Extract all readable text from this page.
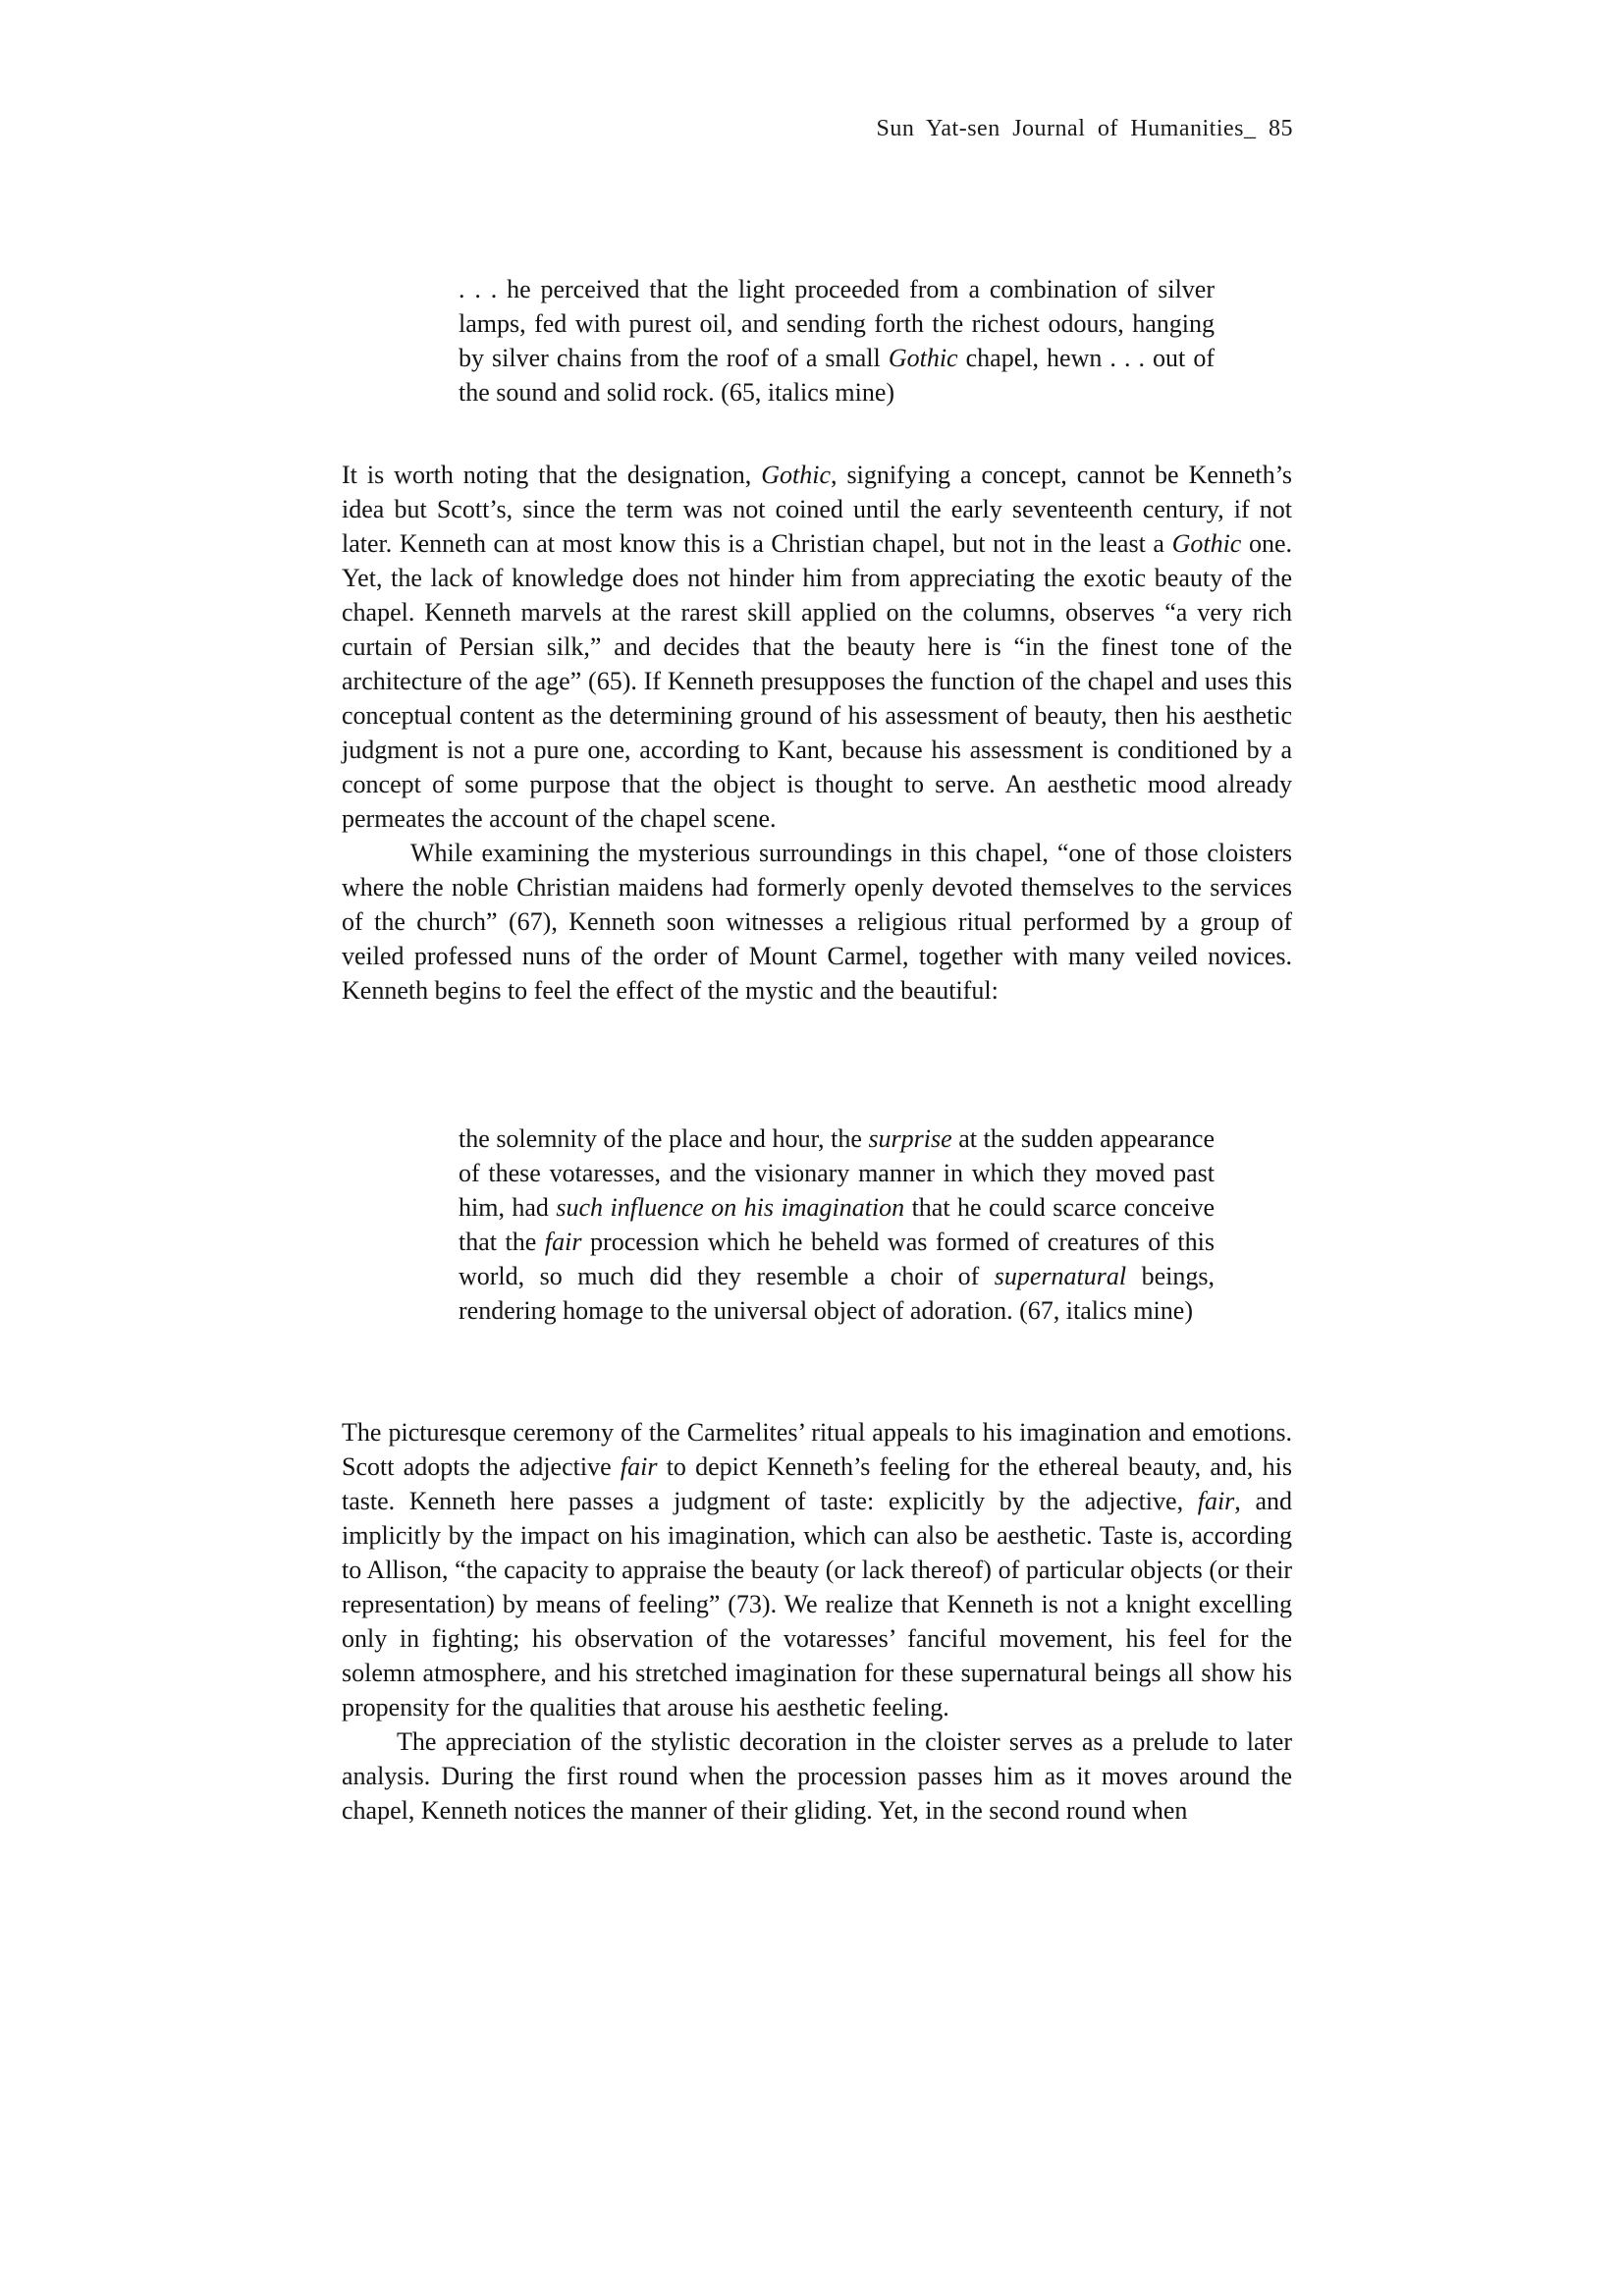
Sun Yat-sen Journal of Humanities_ 85

. . . he perceived that the light proceeded from a combination of silver lamps, fed with purest oil, and sending forth the richest odours, hanging by silver chains from the roof of a small Gothic chapel, hewn . . . out of the sound and solid rock. (65, italics mine)

It is worth noting that the designation, Gothic, signifying a concept, cannot be Kenneth’s idea but Scott’s, since the term was not coined until the early seventeenth century, if not later. Kenneth can at most know this is a Christian chapel, but not in the least a Gothic one. Yet, the lack of knowledge does not hinder him from appreciating the exotic beauty of the chapel. Kenneth marvels at the rarest skill applied on the columns, observes “a very rich curtain of Persian silk,” and decides that the beauty here is “in the finest tone of the architecture of the age” (65). If Kenneth presupposes the function of the chapel and uses this conceptual content as the determining ground of his assessment of beauty, then his aesthetic judgment is not a pure one, according to Kant, because his assessment is conditioned by a concept of some purpose that the object is thought to serve. An aesthetic mood already permeates the account of the chapel scene.

While examining the mysterious surroundings in this chapel, “one of those cloisters where the noble Christian maidens had formerly openly devoted themselves to the services of the church” (67), Kenneth soon witnesses a religious ritual performed by a group of veiled professed nuns of the order of Mount Carmel, together with many veiled novices. Kenneth begins to feel the effect of the mystic and the beautiful:

the solemnity of the place and hour, the surprise at the sudden appearance of these votaresses, and the visionary manner in which they moved past him, had such influence on his imagination that he could scarce conceive that the fair procession which he beheld was formed of creatures of this world, so much did they resemble a choir of supernatural beings, rendering homage to the universal object of adoration. (67, italics mine)

The picturesque ceremony of the Carmelites’ ritual appeals to his imagination and emotions. Scott adopts the adjective fair to depict Kenneth’s feeling for the ethereal beauty, and, his taste. Kenneth here passes a judgment of taste: explicitly by the adjective, fair, and implicitly by the impact on his imagination, which can also be aesthetic. Taste is, according to Allison, “the capacity to appraise the beauty (or lack thereof) of particular objects (or their representation) by means of feeling” (73). We realize that Kenneth is not a knight excelling only in fighting; his observation of the votaresses’ fanciful movement, his feel for the solemn atmosphere, and his stretched imagination for these supernatural beings all show his propensity for the qualities that arouse his aesthetic feeling.

The appreciation of the stylistic decoration in the cloister serves as a prelude to later analysis. During the first round when the procession passes him as it moves around the chapel, Kenneth notices the manner of their gliding. Yet, in the second round when
